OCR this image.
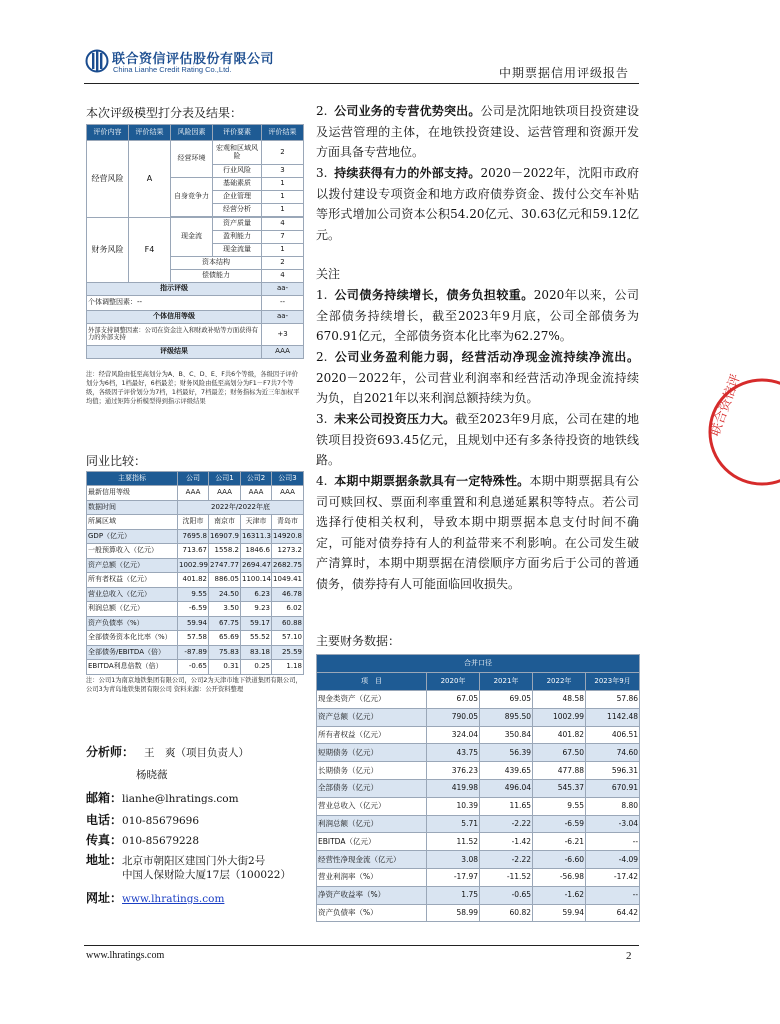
联合资信评估股份有限公司
China Lianhe Credit Rating Co.,Ltd.	中期票据信用评级报告
本次评级模型打分表及结果：
评价内容	评价结果	风险因素	评价要素	评价结果
经营风险	A	经营环境	宏观和区域风险	2
			行业风险	3
		自身竞争力	基础素质	1
			企业管理	1
			经营分析	1

财务风险	F4	现金流	资产质量	4
			盈利能力	7
			现金流量	1
		资本结构		2
		偿债能力		4
指示评级				aa-
个体调整因素：--				--
个体信用等级				aa-
外部支持调整因素：公司在资金注入和财政补贴等方面获得有力的外部支持				+3
评级结果				AAA
注：经营风险由低至高划分为A、B、C、D、E、F共6个等级，各级因子评价划分为6档，1档最好，6档最差；财务风险由低至高划分为F1－F7共7个等级，各级因子评价划分为7档，1档最好，7档最差；财务指标为近三年加权平均值；通过矩阵分析模型得到指示评级结果
同业比较：
主要指标	公司	公司1	公司2	公司3
最新信用等级	AAA	AAA	AAA	AAA
数据时间	2022年/2022年底			
所属区域	沈阳市	南京市	天津市	青岛市
GDP（亿元）	7695.8	16907.9	16311.3	14920.8
一般预算收入（亿元）	713.67	1558.2	1846.6	1273.2
资产总额（亿元）	1002.99	2747.77	2694.47	2682.75
所有者权益（亿元）	401.82	886.05	1100.14	1049.41
营业总收入（亿元）	9.55	24.50	6.23	46.78
利润总额（亿元）	-6.59	3.50	9.23	6.02
资产负债率（%）	59.94	67.75	59.17	60.88
全部债务资本化比率（%）	57.58	65.69	55.52	57.10
全部债务/EBITDA（倍）	-87.89	75.83	83.18	25.59
EBITDA利息倍数（倍）	-0.65	0.31	0.25	1.18
注：公司1为南京地铁集团有限公司，公司2为天津市地下铁道集团有限公司，公司3为青岛地铁集团有限公司 资料来源：公开资料整理
分析师： 王　爽（项目负责人）
杨晓薇
邮箱：lianhe@lhratings.com
电话：010-85679696
传真：010-85679228
地址：北京市朝阳区建国门外大街2号
中国人保财险大厦17层（100022）
网址：www.lhratings.com
2. 公司业务的专营优势突出。公司是沈阳地铁项目投资建设及运营管理的主体，在地铁投资建设、运营管理和资源开发方面具备专营地位。
3. 持续获得有力的外部支持。2020－2022年，沈阳市政府以拨付建设专项资金和地方政府债券资金、拨付公交车补贴等形式增加公司资本公积54.20亿元、30.63亿元和59.12亿元。
关注
1. 公司债务持续增长，债务负担较重。2020年以来，公司全部债务持续增长，截至2023年9月底，公司全部债务为670.91亿元，全部债务资本化比率为62.27%。
2. 公司业务盈利能力弱，经营活动净现金流持续净流出。2020－2022年，公司营业利润率和经营活动净现金流持续为负，自2021年以来利润总额持续为负。
3. 未来公司投资压力大。截至2023年9月底，公司在建的地铁项目投资693.45亿元，且规划中还有多条待投资的地铁线路。
4. 本期中期票据条款具有一定特殊性。本期中期票据具有公司可赎回权、票面利率重置和利息递延累积等特点。若公司选择行使相关权利，导致本期中期票据本息支付时间不确定，可能对债券持有人的利益带来不利影响。在公司发生破产清算时，本期中期票据在清偿顺序方面劣后于公司的普通债务，债券持有人可能面临回收损失。
主要财务数据：
合并口径				
项　目	2020年	2021年	2022年	2023年9月
现金类资产（亿元）	67.05	69.05	48.58	57.86
资产总额（亿元）	790.05	895.50	1002.99	1142.48
所有者权益（亿元）	324.04	350.84	401.82	406.51
短期债务（亿元）	43.75	56.39	67.50	74.60
长期债务（亿元）	376.23	439.65	477.88	596.31
全部债务（亿元）	419.98	496.04	545.37	670.91
营业总收入（亿元）	10.39	11.65	9.55	8.80
利润总额（亿元）	5.71	-2.22	-6.59	-3.04
EBITDA（亿元）	11.52	-1.42	-6.21	--
经营性净现金流（亿元）	3.08	-2.22	-6.60	-4.09
营业利润率（%）	-17.97	-11.52	-56.98	-17.42
净资产收益率（%）	1.75	-0.65	-1.62	--
资产负债率（%）	58.99	60.82	59.94	64.42
联合资信评
www.lhratings.com	2
